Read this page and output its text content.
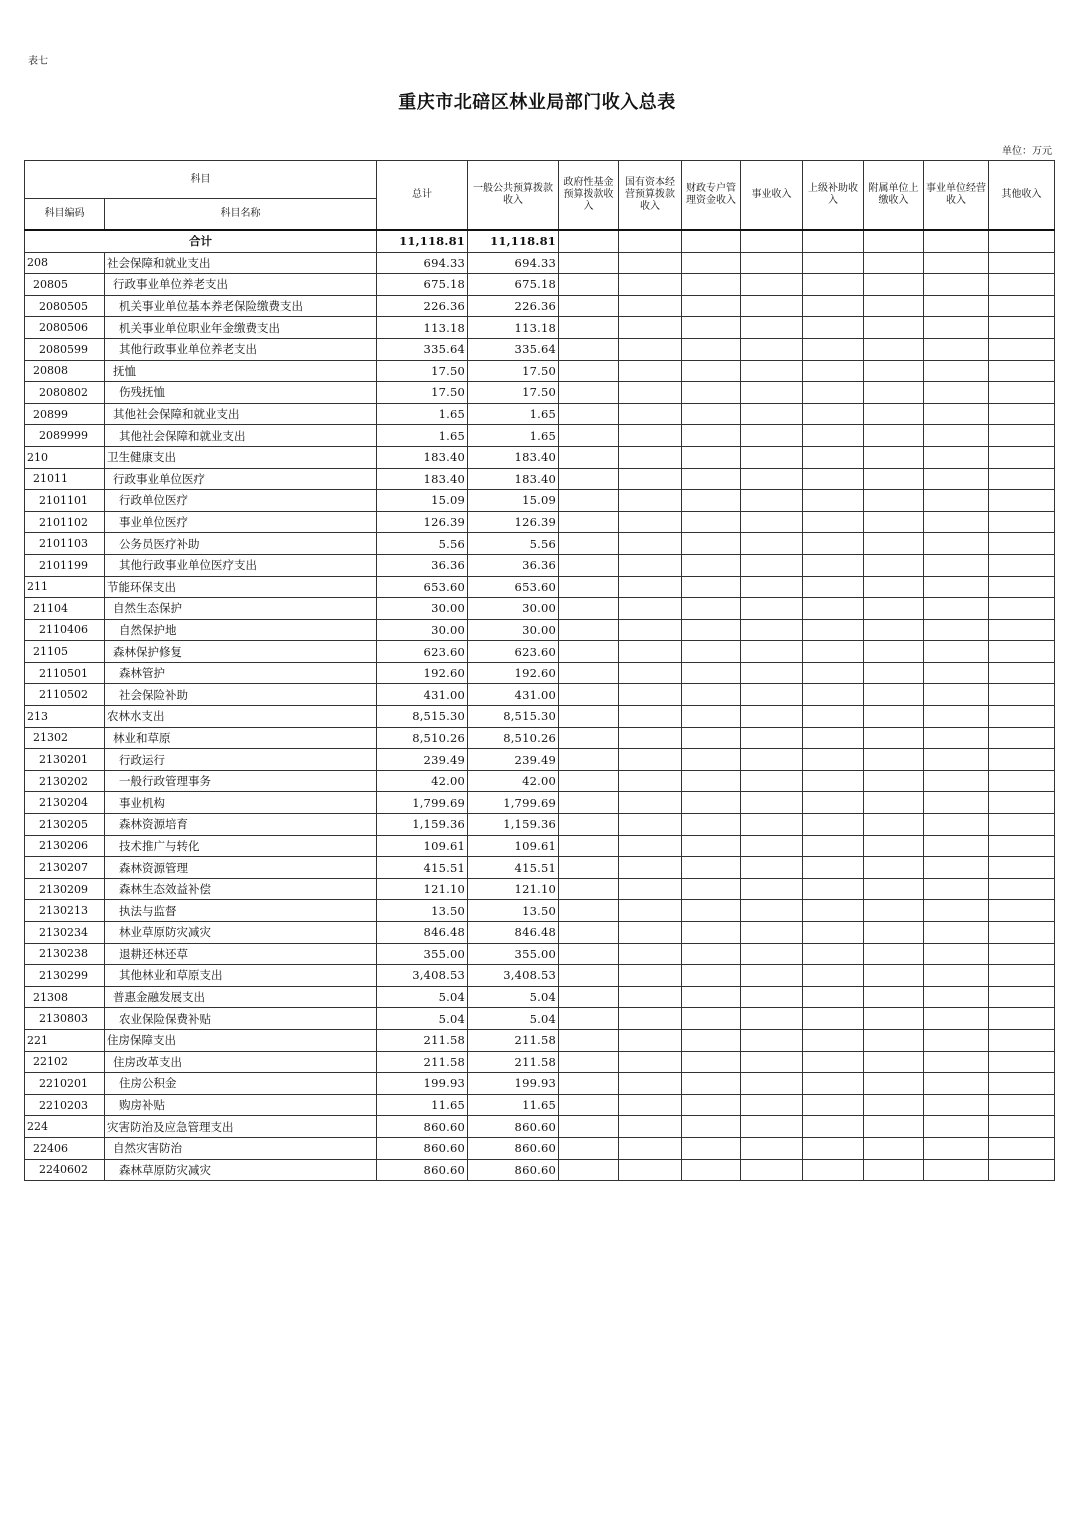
表七
重庆市北碚区林业局部门收入总表
单位：万元
科目		总计	一般公共预算拨款收入	政府性基金预算拨款收入	国有资本经营预算拨款收入	财政专户管理资金收入	事业收入	上级补助收入	附属单位上缴收入	事业单位经营收入	其他收入
科目编码	科目名称										
合计		11,118.81	11,118.81								
208	社会保障和就业支出	694.33	694.33								
20805	行政事业单位养老支出	675.18	675.18								
2080505	机关事业单位基本养老保险缴费支出	226.36	226.36								
2080506	机关事业单位职业年金缴费支出	113.18	113.18								
2080599	其他行政事业单位养老支出	335.64	335.64								
20808	抚恤	17.50	17.50								
2080802	伤残抚恤	17.50	17.50								
20899	其他社会保障和就业支出	1.65	1.65								
2089999	其他社会保障和就业支出	1.65	1.65								
210	卫生健康支出	183.40	183.40								
21011	行政事业单位医疗	183.40	183.40								
2101101	行政单位医疗	15.09	15.09								
2101102	事业单位医疗	126.39	126.39								
2101103	公务员医疗补助	5.56	5.56								
2101199	其他行政事业单位医疗支出	36.36	36.36								
211	节能环保支出	653.60	653.60								
21104	自然生态保护	30.00	30.00								
2110406	自然保护地	30.00	30.00								
21105	森林保护修复	623.60	623.60								
2110501	森林管护	192.60	192.60								
2110502	社会保险补助	431.00	431.00								
213	农林水支出	8,515.30	8,515.30								
21302	林业和草原	8,510.26	8,510.26								
2130201	行政运行	239.49	239.49								
2130202	一般行政管理事务	42.00	42.00								
2130204	事业机构	1,799.69	1,799.69								
2130205	森林资源培育	1,159.36	1,159.36								
2130206	技术推广与转化	109.61	109.61								
2130207	森林资源管理	415.51	415.51								
2130209	森林生态效益补偿	121.10	121.10								
2130213	执法与监督	13.50	13.50								
2130234	林业草原防灾减灾	846.48	846.48								
2130238	退耕还林还草	355.00	355.00								
2130299	其他林业和草原支出	3,408.53	3,408.53								
21308	普惠金融发展支出	5.04	5.04								
2130803	农业保险保费补贴	5.04	5.04								
221	住房保障支出	211.58	211.58								
22102	住房改革支出	211.58	211.58								
2210201	住房公积金	199.93	199.93								
2210203	购房补贴	11.65	11.65								
224	灾害防治及应急管理支出	860.60	860.60								
22406	自然灾害防治	860.60	860.60								
2240602	森林草原防灾减灾	860.60	860.60								
